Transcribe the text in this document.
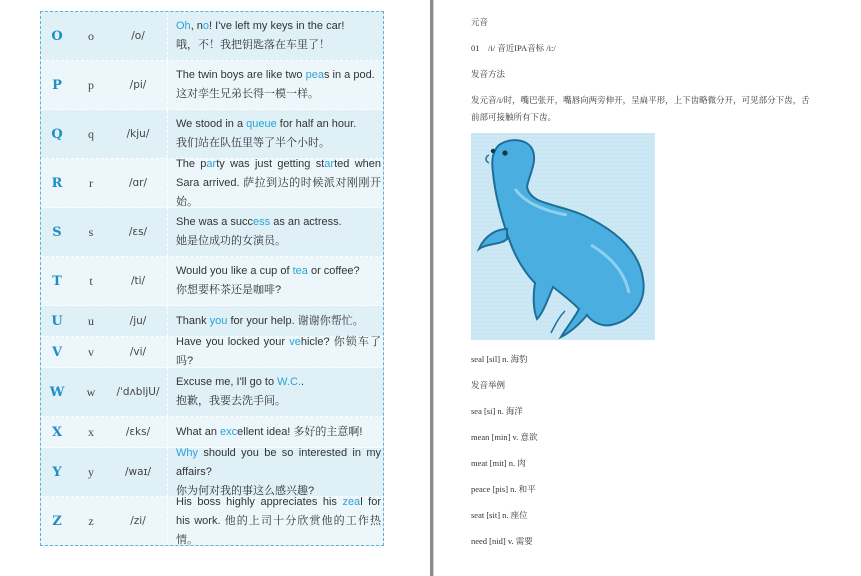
O	o	/o/
Oh, no! I've left my keys in the car!
哦，不！我把钥匙落在车里了！
P	p	/pi/
The twin boys are like two peas in a pod.
这对孪生兄弟长得一模一样。
Q	q	/kju/
We stood in a queue for half an hour.
我们站在队伍里等了半个小时。
R	r	/ɑr/
The party was just getting started when Sara arrived. 萨拉到达的时候派对刚刚开始。
S	s	/ɛs/
She was a success as an actress.
她是位成功的女演员。
T	t	/ti/
Would you like a cup of tea or coffee?
你想要杯茶还是咖啡?
U	u	/ju/	Thank you for your help. 谢谢你帮忙。
V	v	/vi/
Have you locked your vehicle? 你锁车了吗?
W	w	/ˈdʌbljU/
Excuse me, I'll go to W.C..
抱歉，我要去洗手间。
X	x	/ɛks/	What an excellent idea! 多好的主意啊!
Y	y	/waɪ/
Why should you be so interested in my affairs?
你为何对我的事这么感兴趣?
Z	z	/zi/
His boss highly appreciates his zeal for his work. 他的上司十分欣赏他的工作热情。
元音
01　/i/ 音近IPA音标 /i:/
发音方法
发元音/i/时，嘴巴张开，嘴唇向两旁伸开，呈扁平形，上下齿略微分开，可见部分下齿，舌
前部可接触所有下齿。
seal [sil] n. 海豹
发音举例
sea [si] n. 海洋
mean [min] v. 意欲
meat [mit] n. 肉
peace [pis] n. 和平
seat [sit] n. 座位
need [nid] v. 需要
